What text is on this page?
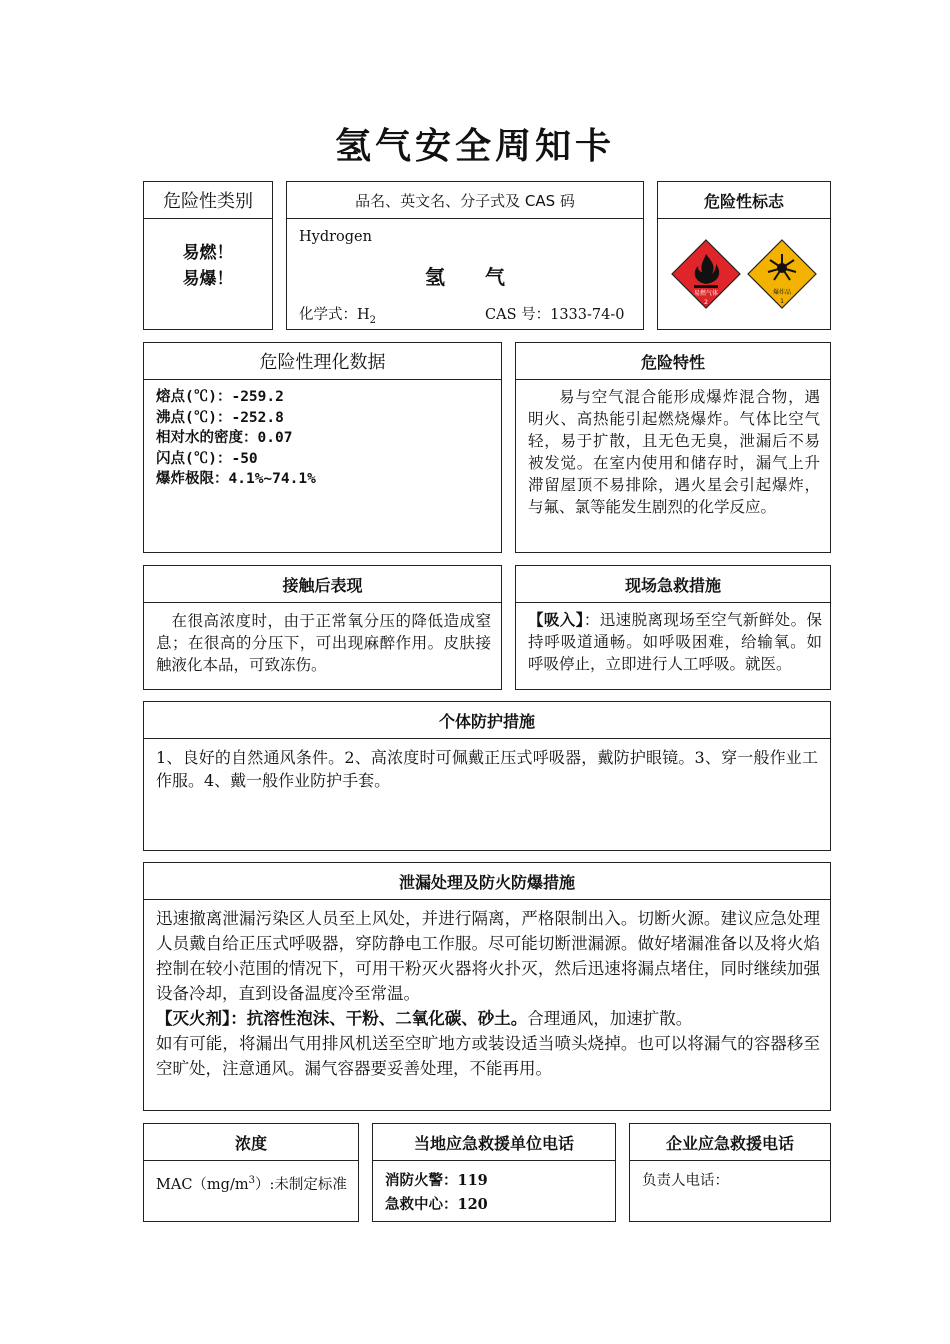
氢气安全周知卡
危险性类别
易燃！
易爆！
品名、英文名、分子式及 CAS 码
Hydrogen
氢　　气
化学式：$H_2$	CAS 号：1333-74-0
危险性标志
易燃气体
2
爆炸品
1
危险性理化数据
熔点(℃)：-259.2
沸点(℃)：-252.8
相对水的密度：0.07
闪点(℃)：-50
爆炸极限：4.1%~74.1%
危险特性
易与空气混合能形成爆炸混合物，遇明火、高热能引起燃烧爆炸。气体比空气轻，易于扩散，且无色无臭，泄漏后不易被发觉。在室内使用和储存时，漏气上升滞留屋顶不易排除，遇火星会引起爆炸，与氟、氯等能发生剧烈的化学反应。
接触后表现
在很高浓度时，由于正常氧分压的降低造成窒息；在很高的分压下，可出现麻醉作用。皮肤接触液化本品，可致冻伤。
现场急救措施
【吸入】：迅速脱离现场至空气新鲜处。保持呼吸道通畅。如呼吸困难，给输氧。如呼吸停止，立即进行人工呼吸。就医。
个体防护措施
1、良好的自然通风条件。2、高浓度时可佩戴正压式呼吸器，戴防护眼镜。3、穿一般作业工作服。4、戴一般作业防护手套。
泄漏处理及防火防爆措施
迅速撤离泄漏污染区人员至上风处，并进行隔离，严格限制出入。切断火源。建议应急处理人员戴自给正压式呼吸器，穿防静电工作服。尽可能切断泄漏源。做好堵漏准备以及将火焰控制在较小范围的情况下，可用干粉灭火器将火扑灭，然后迅速将漏点堵住，同时继续加强设备冷却，直到设备温度冷至常温。
【灭火剂】：抗溶性泡沫、干粉、二氧化碳、砂土。合理通风，加速扩散。
如有可能，将漏出气用排风机送至空旷地方或装设适当喷头烧掉。也可以将漏气的容器移至空旷处，注意通风。漏气容器要妥善处理，不能再用。
浓度
$MAC(mg/m^3)$:未制定标准
当地应急救援单位电话
消防火警：119
急救中心：120
企业应急救援电话
负责人电话：
